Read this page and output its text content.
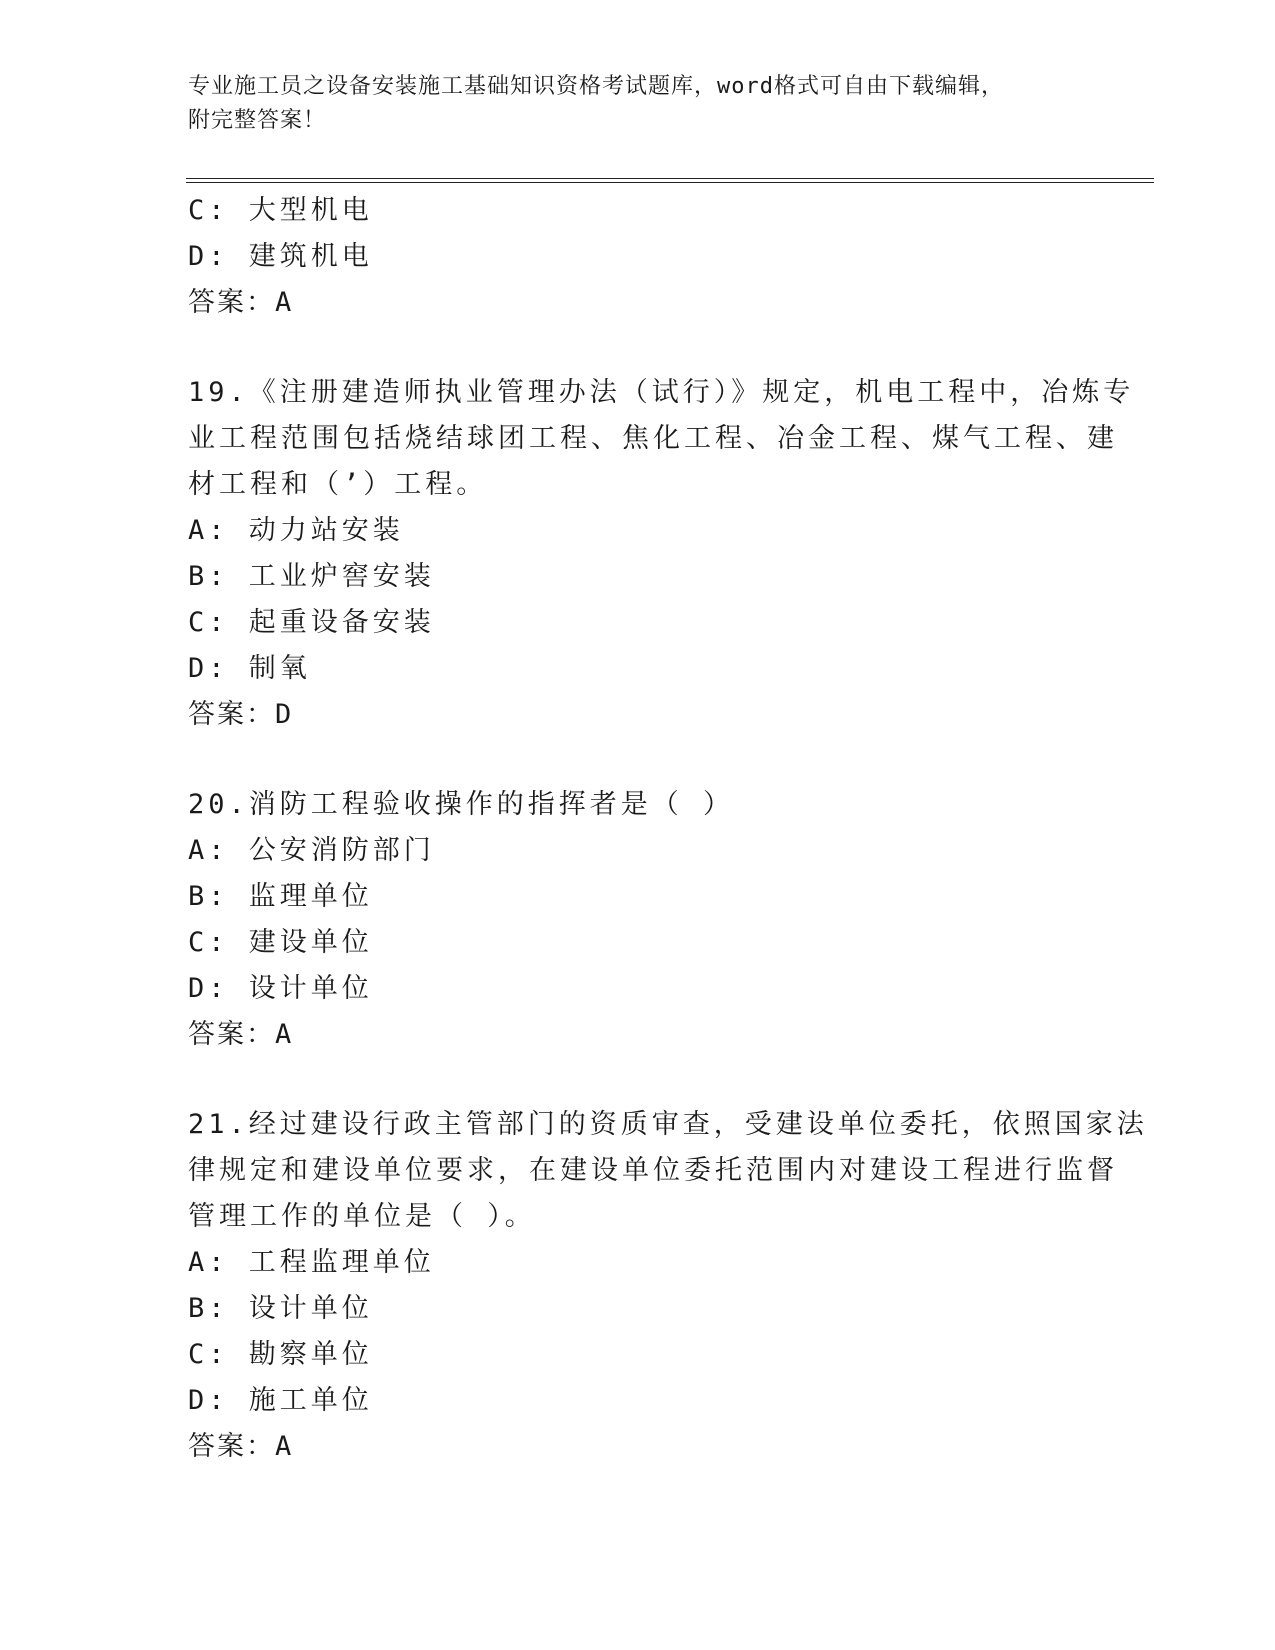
专业施工员之设备安装施工基础知识资格考试题库，word格式可自由下载编辑，
附完整答案！
C: 大型机电
D: 建筑机电
答案：A
19.《注册建造师执业管理办法（试行）》规定，机电工程中，冶炼专
业工程范围包括烧结球团工程、焦化工程、冶金工程、煤气工程、建
材工程和（’）工程。
A: 动力站安装
B: 工业炉窖安装
C: 起重设备安装
D: 制氧
答案：D
20.消防工程验收操作的指挥者是（ ）
A: 公安消防部门
B: 监理单位
C: 建设单位
D: 设计单位
答案：A
21.经过建设行政主管部门的资质审查，受建设单位委托，依照国家法
律规定和建设单位要求，在建设单位委托范围内对建设工程进行监督
管理工作的单位是（ ）。
A: 工程监理单位
B: 设计单位
C: 勘察单位
D: 施工单位
答案：A
